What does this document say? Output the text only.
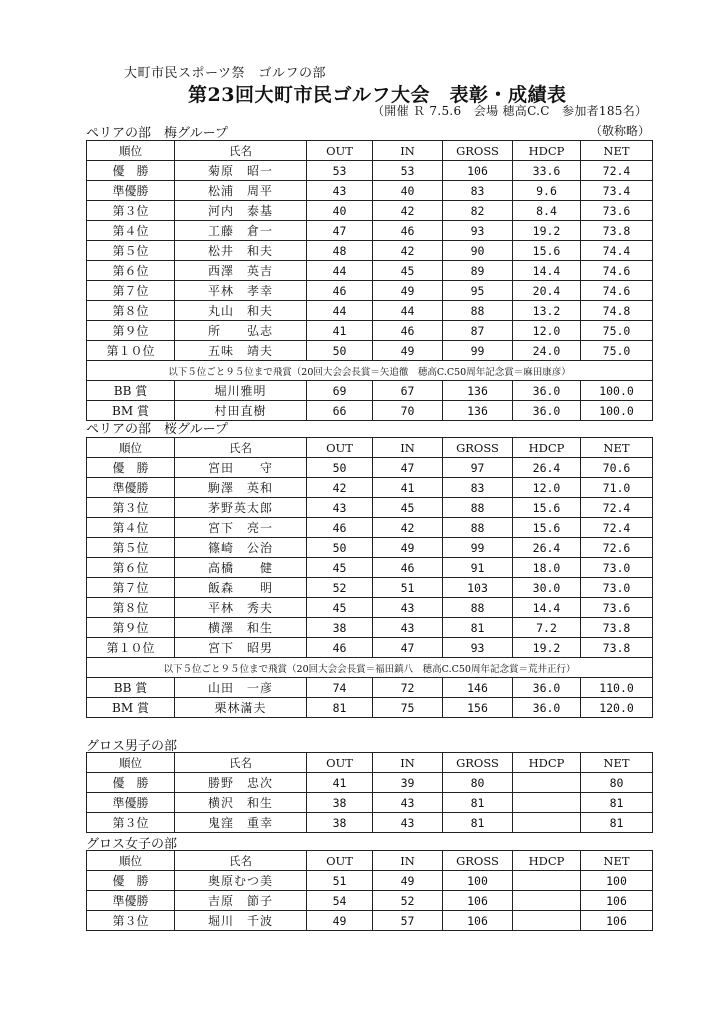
大町市民スポーツ祭　ゴルフの部
第23回大町市民ゴルフ大会　表彰・成績表
（開催 Ｒ 7.5.6　会場 穂高C.C　参加者185名）
ペリアの部　梅グループ	（敬称略）
順位	氏名	OUT	IN	GROSS	HDCP	NET
優　勝	菊原　昭一	53	53	106	33.6	72.4
準優勝	松浦　周平	43	40	83	9.6	73.4
第３位	河内　泰基	40	42	82	8.4	73.6
第４位	工藤　倉一	47	46	93	19.2	73.8
第５位	松井　和夫	48	42	90	15.6	74.4
第６位	西澤　英吉	44	45	89	14.4	74.6
第７位	平林　孝幸	46	49	95	20.4	74.6
第８位	丸山　和夫	44	44	88	13.2	74.8
第９位	所　　弘志	41	46	87	12.0	75.0
第１０位	五味　靖夫	50	49	99	24.0	75.0
以下５位ごと９５位まで飛賞（20回大会会長賞＝矢追徹　穂高C.C50周年記念賞＝麻田康彦）						
BB 賞	堀川雅明	69	67	136	36.0	100.0
BM 賞	村田直樹	66	70	136	36.0	100.0
ペリアの部　桜グループ
順位	氏名	OUT	IN	GROSS	HDCP	NET
優　勝	宮田　　守	50	47	97	26.4	70.6
準優勝	駒澤　英和	42	41	83	12.0	71.0
第３位	茅野英太郎	43	45	88	15.6	72.4
第４位	宮下　亮一	46	42	88	15.6	72.4
第５位	篠崎　公治	50	49	99	26.4	72.6
第６位	高橋　　健	45	46	91	18.0	73.0
第７位	飯森　　明	52	51	103	30.0	73.0
第８位	平林　秀夫	45	43	88	14.4	73.6
第９位	横澤　和生	38	43	81	7.2	73.8
第１０位	宮下　昭男	46	47	93	19.2	73.8
以下５位ごと９５位まで飛賞（20回大会会長賞＝福田鎮八　穂高C.C50周年記念賞＝荒井正行）						
BB 賞	山田　一彦	74	72	146	36.0	110.0
BM 賞	栗林滿夫	81	75	156	36.0	120.0
グロス男子の部
順位	氏名	OUT	IN	GROSS	HDCP	NET
優　勝	勝野　忠次	41	39	80		80
準優勝	横沢　和生	38	43	81		81
第３位	鬼窪　重幸	38	43	81		81
グロス女子の部
順位	氏名	OUT	IN	GROSS	HDCP	NET
優　勝	奥原むつ美	51	49	100		100
準優勝	吉原　節子	54	52	106		106
第３位	堀川　千波	49	57	106		106
